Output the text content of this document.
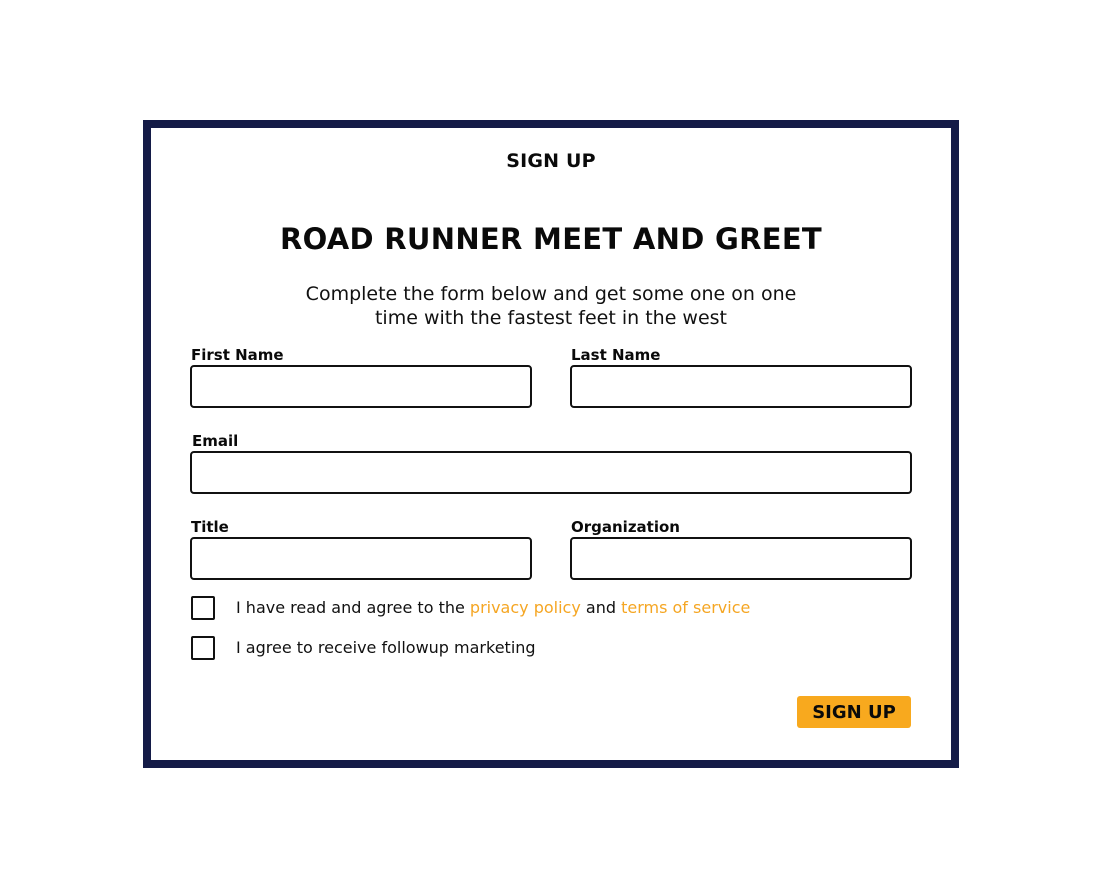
SIGN UP
ROAD RUNNER MEET AND GREET
Complete the form below and get some one on one time with the fastest feet in the west
First Name	Last Name
Email
Title	Organization
I have read and agree to the privacy policy and terms of service
I agree to receive followup marketing
SIGN UP
